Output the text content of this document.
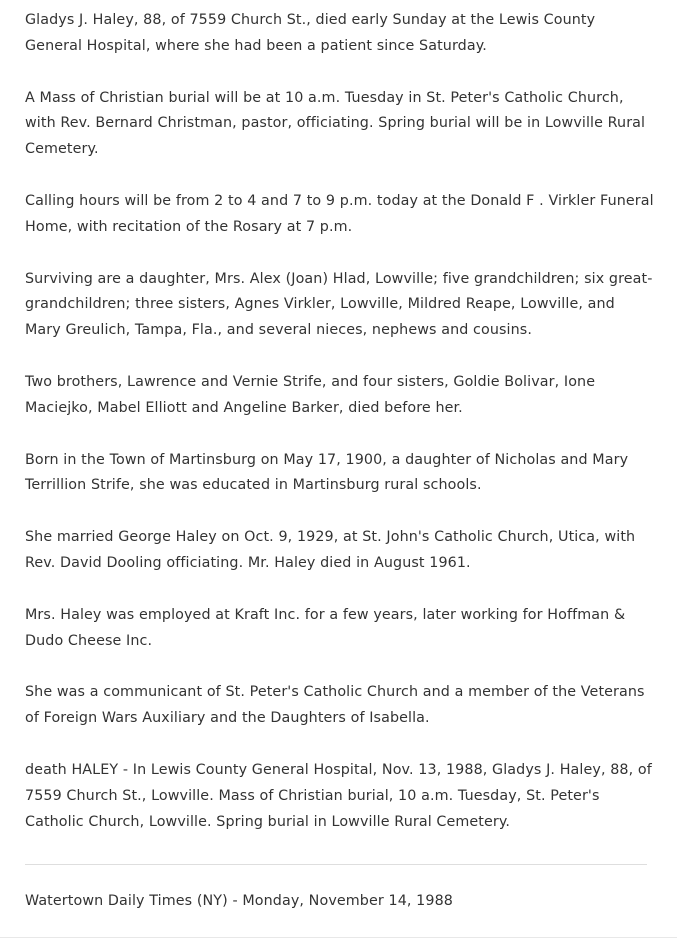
Gladys J. Haley, 88, of 7559 Church St., died early Sunday at the Lewis County General Hospital, where she had been a patient since Saturday.

A Mass of Christian burial will be at 10 a.m. Tuesday in St. Peter's Catholic Church, with Rev. Bernard Christman, pastor, officiating. Spring burial will be in Lowville Rural Cemetery.

Calling hours will be from 2 to 4 and 7 to 9 p.m. today at the Donald F . Virkler Funeral Home, with recitation of the Rosary at 7 p.m.

Surviving are a daughter, Mrs. Alex (Joan) Hlad, Lowville; five grandchildren; six great-grandchildren; three sisters, Agnes Virkler, Lowville, Mildred Reape, Lowville, and Mary Greulich, Tampa, Fla., and several nieces, nephews and cousins.

Two brothers, Lawrence and Vernie Strife, and four sisters, Goldie Bolivar, Ione Maciejko, Mabel Elliott and Angeline Barker, died before her.

Born in the Town of Martinsburg on May 17, 1900, a daughter of Nicholas and Mary Terrillion Strife, she was educated in Martinsburg rural schools.

She married George Haley on Oct. 9, 1929, at St. John's Catholic Church, Utica, with Rev. David Dooling officiating. Mr. Haley died in August 1961.

Mrs. Haley was employed at Kraft Inc. for a few years, later working for Hoffman & Dudo Cheese Inc.

She was a communicant of St. Peter's Catholic Church and a member of the Veterans of Foreign Wars Auxiliary and the Daughters of Isabella.

death HALEY - In Lewis County General Hospital, Nov. 13, 1988, Gladys J. Haley, 88, of 7559 Church St., Lowville. Mass of Christian burial, 10 a.m. Tuesday, St. Peter's Catholic Church, Lowville. Spring burial in Lowville Rural Cemetery.

Watertown Daily Times (NY) - Monday, November 14, 1988
